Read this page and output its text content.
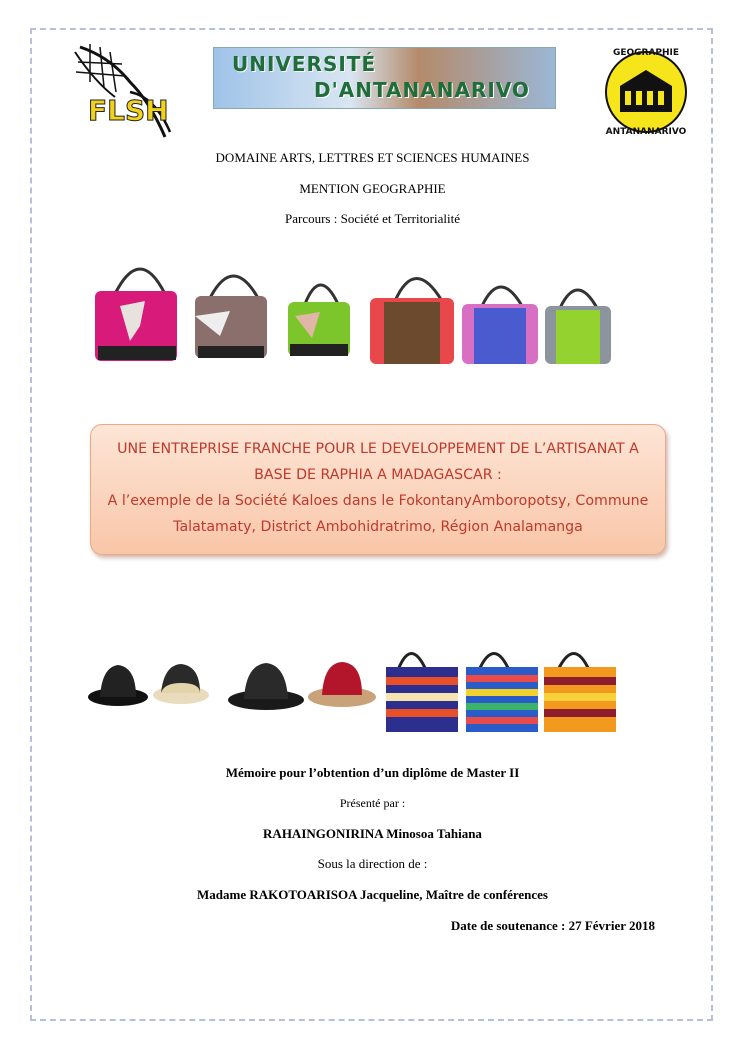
FLSH
UNIVERSITÉ
D'ANTANANARIVO
GEOGRAPHIE
ANTANANARIVO
DOMAINE ARTS, LETTRES ET SCIENCES HUMAINES
MENTION GEOGRAPHIE
Parcours : Société et Territorialité
UNE ENTREPRISE FRANCHE POUR LE DEVELOPPEMENT DE L’ARTISANAT A
BASE DE RAPHIA A MADAGASCAR :
A l’exemple de la Société Kaloes dans le FokontanyAmboropotsy, Commune
Talatamaty, District Ambohidratrimo, Région Analamanga
Mémoire pour l’obtention d’un diplôme de Master II
Présenté par :
RAHAINGONIRINA Minosoa Tahiana
Sous la direction de :
Madame RAKOTOARISOA Jacqueline, Maître de conférences
Date de soutenance : 27 Février 2018
